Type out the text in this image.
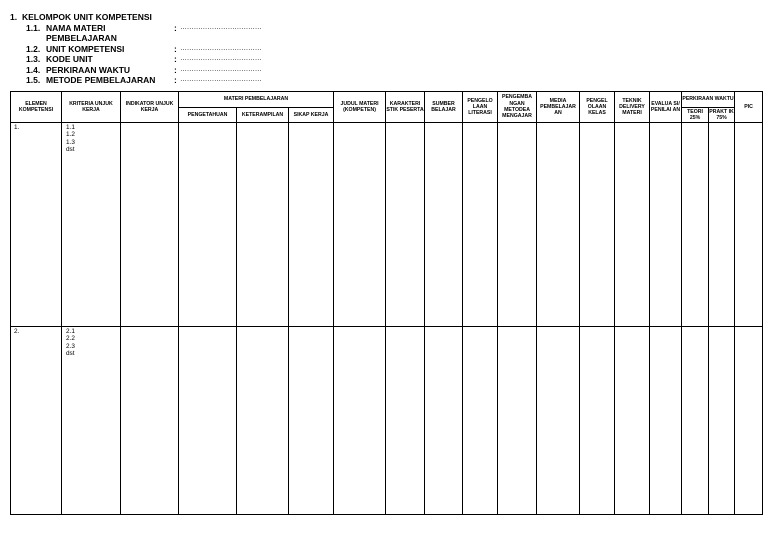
1. KELOMPOK UNIT KOMPETENSI
1.1. NAMA MATERI PEMBELAJARAN
: ………………………………
1.2. UNIT KOMPETENSI	: ………………………………
1.3. KODE UNIT	: ………………………………
1.4. PERKIRAAN WAKTU	: ………………………………
1.5. METODE PEMBELAJARAN	: ………………………………
ELEMEN KOMPETENSI	KRITERIA UNJUK KERJA	INDIKATOR UNJUK KERJA	MATERI PEMBELAJARAN			JUDUL MATERI (KOMPETEN)	KARAKTERI STIK PESERTA	SUMBER BELAJAR	PENGELO LAAN LITERASI	PENGEMBA NGAN METODEA MENGAJAR	MEDIA PEMBELAJAR AN	PENGEL OLAAN KELAS	TEKNIK DELIVERY MATERI	EVALUA SI/ PENILAI AN	PERKIRAAN WAKTU		PIC
			PENGETAHUAN	KETERAMPILAN	SIKAP KERJA										TEORI 25%	PRAKT IK 75%	
1.	1.1
1.2
1.3
dst																

2.	2.1
2.2
2.3
dst																
